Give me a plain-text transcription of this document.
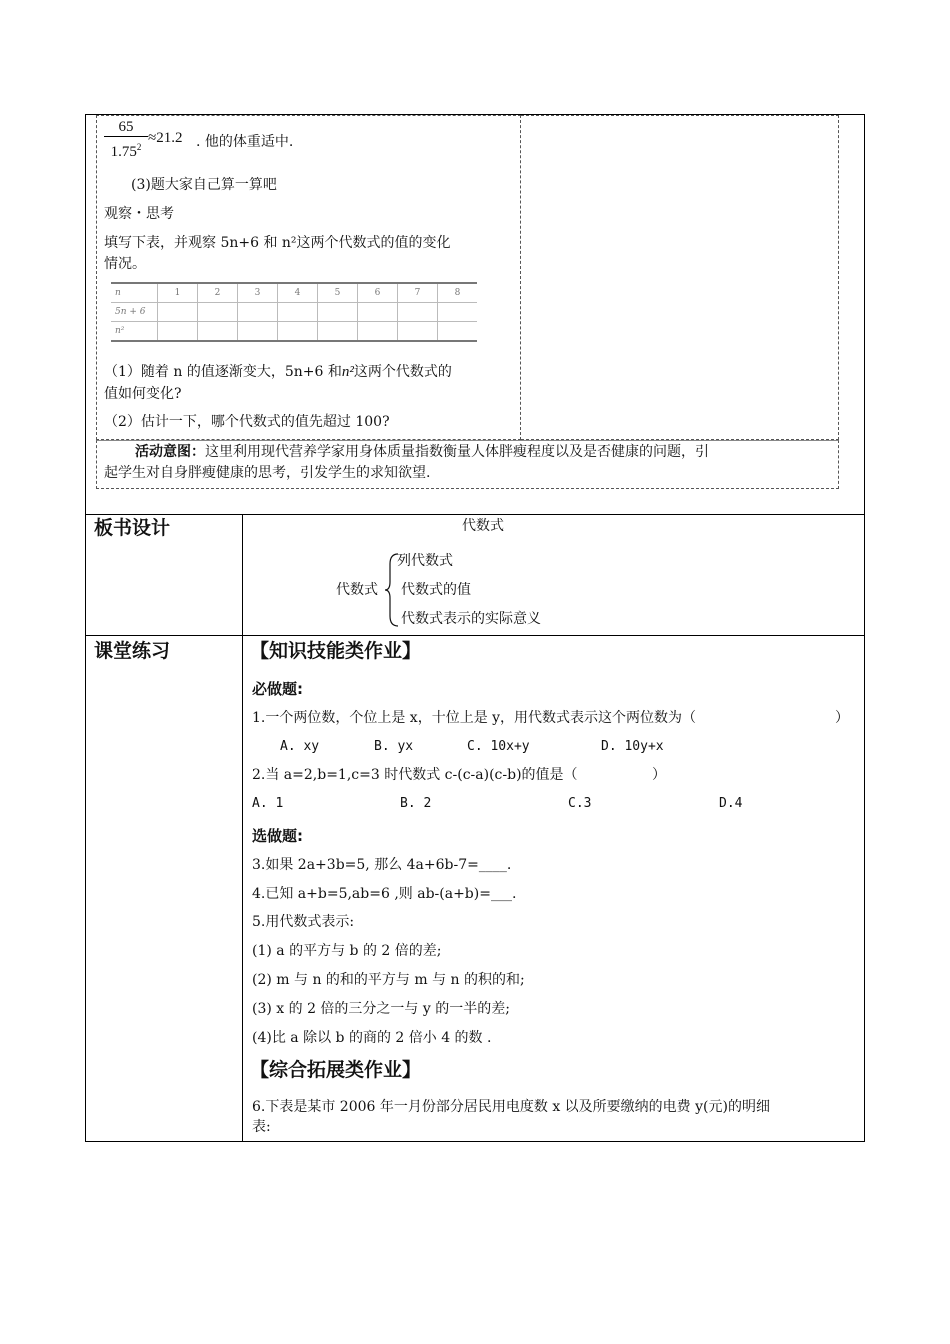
$\frac{65}{1.75^2} \approx 21.2$ . 他的体重适中.
(3)题大家自己算一算吧
观察・思考
填写下表，并观察 5n+6 和 n²这两个代数式的值的变化
情况。
n	1	2	3	4	5	6	7	8
5n + 6								
n²								
（1）随着 n 的值逐渐变大，5n+6 和n²这两个代数式的
值如何变化?
（2）估计一下，哪个代数式的值先超过 100?
活动意图：这里利用现代营养学家用身体质量指数衡量人体胖瘦程度以及是否健康的问题，引
起学生对自身胖瘦健康的思考，引发学生的求知欲望.
板书设计	代数式
代数式
列代数式
代数式的值
代数式表示的实际意义
课堂练习	【知识技能类作业】
必做题:
1.一个两位数，个位上是 x，十位上是 y，用代数式表示这个两位数为（	）
A. xy	B. yx	C. 10x+y	D. 10y+x
2.当 a=2,b=1,c=3 时代数式 c-(c-a)(c-b)的值是（	）
A. 1	B. 2	C.3	D.4
选做题:
3.如果 2a+3b=5, 那么 4a+6b-7=____.
4.已知 a+b=5,ab=6 ,则 ab-(a+b)=___.
5.用代数式表示:
(1) a 的平方与 b 的 2 倍的差;
(2) m 与 n 的和的平方与 m 与 n 的积的和;
(3) x 的 2 倍的三分之一与 y 的一半的差;
(4)比 a 除以 b 的商的 2 倍小 4 的数 .
【综合拓展类作业】
6.下表是某市 2006 年一月份部分居民用电度数 x 以及所要缴纳的电费 y(元)的明细
表:
